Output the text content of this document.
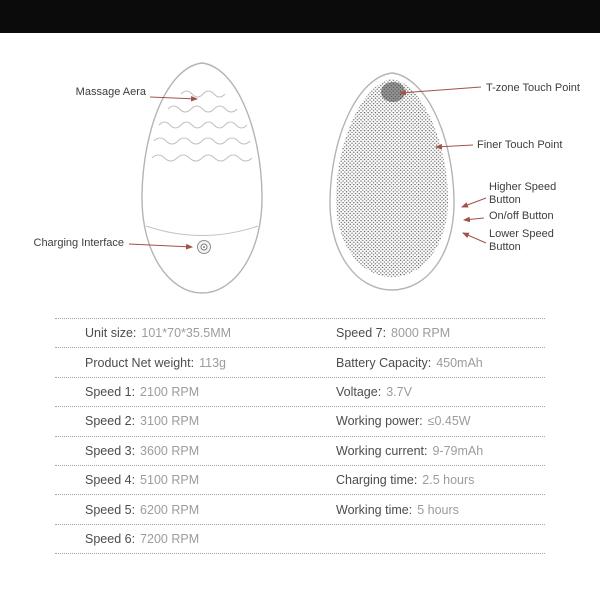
Massage Aera
Charging Interface
T-zone Touch Point
Finer Touch Point
Higher Speed Button
On/off Button
Lower Speed Button
Unit size: 101*70*35.5MM	Speed 7: 8000 RPM
Product Net weight: 113g	Battery Capacity: 450mAh
Speed 1: 2100 RPM	Voltage: 3.7V
Speed 2: 3100 RPM	Working power: ≤0.45W
Speed 3: 3600 RPM	Working current: 9-79mAh
Speed 4: 5100 RPM	Charging time: 2.5 hours
Speed 5: 6200 RPM	Working time: 5 hours
Speed 6: 7200 RPM
